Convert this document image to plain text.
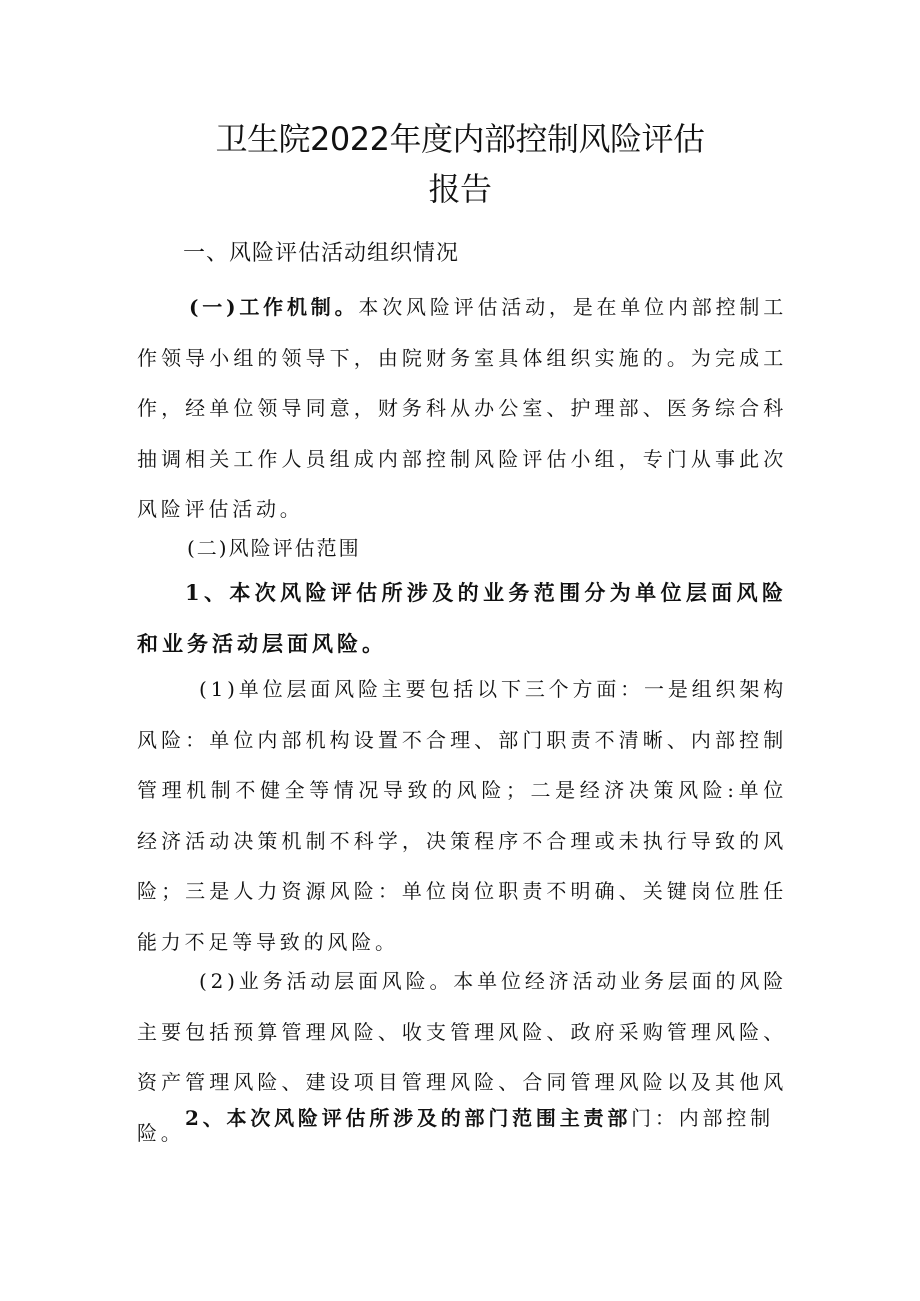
卫生院2022年度内部控制风险评估
报告
一、风险评估活动组织情况

(一)工作机制。本次风险评估活动，是在单位内部控制工作领导小组的领导下，由院财务室具体组织实施的。为完成工作，经单位领导同意，财务科从办公室、护理部、医务综合科抽调相关工作人员组成内部控制风险评估小组，专门从事此次风险评估活动。

(二)风险评估范围

1、本次风险评估所涉及的业务范围分为单位层面风险和业务活动层面风险。

(1)单位层面风险主要包括以下三个方面：一是组织架构风险：单位内部机构设置不合理、部门职责不清晰、内部控制管理机制不健全等情况导致的风险；二是经济决策风险:单位经济活动决策机制不科学，决策程序不合理或未执行导致的风险；三是人力资源风险：单位岗位职责不明确、关键岗位胜任能力不足等导致的风险。

(2)业务活动层面风险。本单位经济活动业务层面的风险主要包括预算管理风险、收支管理风险、政府采购管理风险、资产管理风险、建设项目管理风险、合同管理风险以及其他风险。

2、本次风险评估所涉及的部门范围主责部门：内部控制
